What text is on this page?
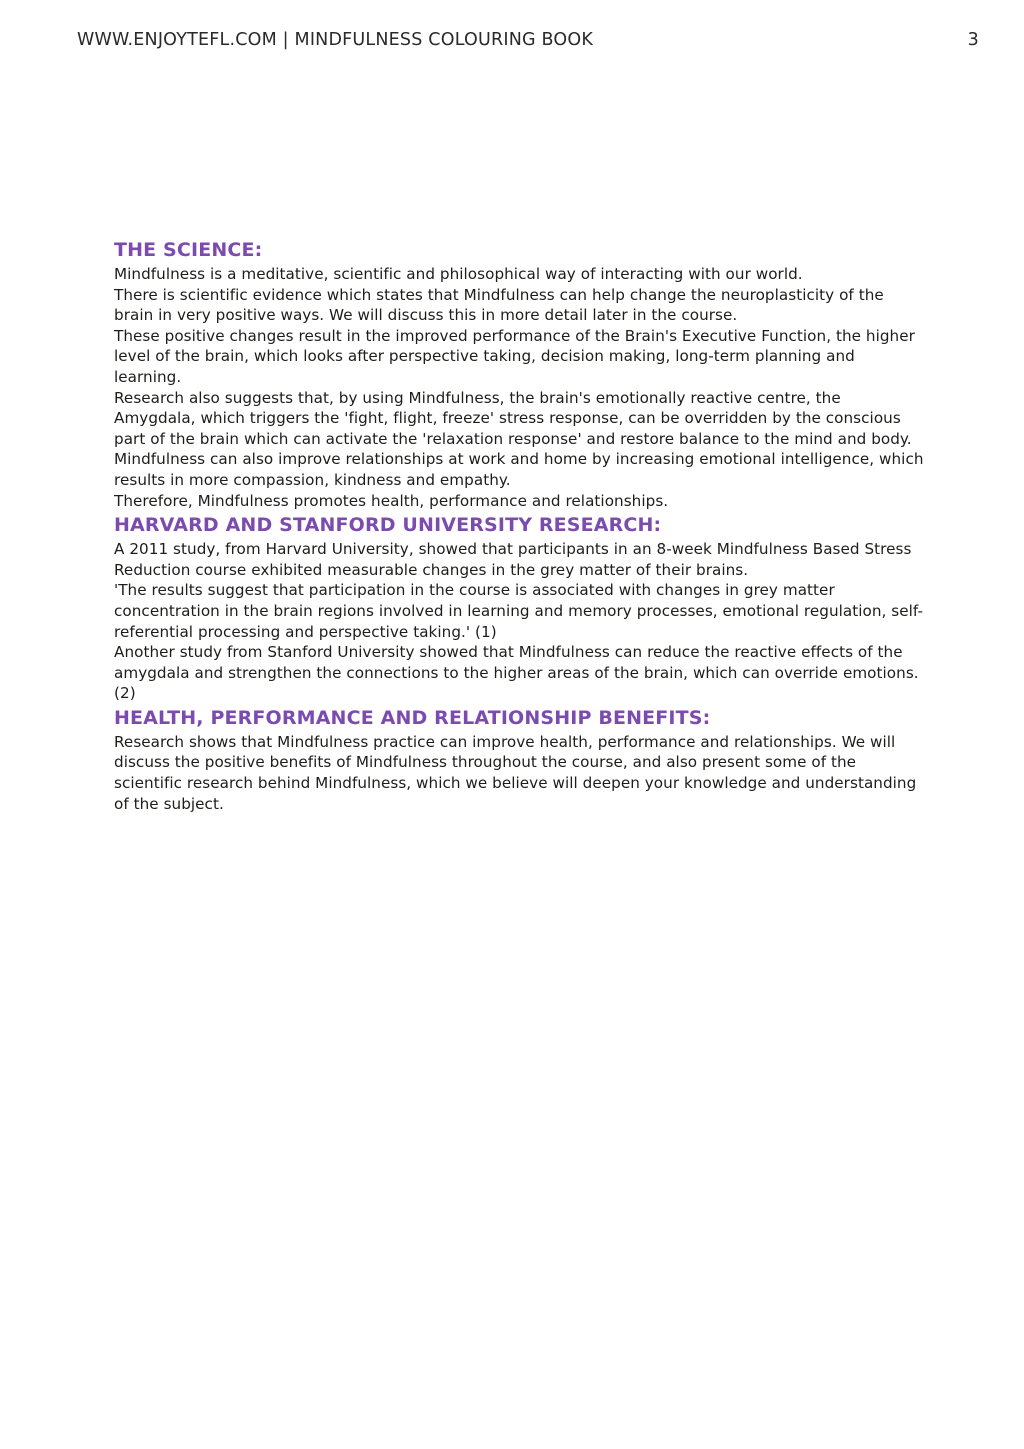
WWW.ENJOYTEFL.COM | MINDFULNESS COLOURING BOOK	3
THE SCIENCE:

Mindfulness is a meditative, scientific and philosophical way of interacting with our world.

There is scientific evidence which states that Mindfulness can help change the neuroplasticity of the brain in very positive ways. We will discuss this in more detail later in the course.

These positive changes result in the improved performance of the Brain's Executive Function, the higher level of the brain, which looks after perspective taking, decision making, long-term planning and learning.

Research also suggests that, by using Mindfulness, the brain's emotionally reactive centre, the Amygdala, which triggers the 'fight, flight, freeze' stress response, can be overridden by the conscious part of the brain which can activate the 'relaxation response' and restore balance to the mind and body. Mindfulness can also improve relationships at work and home by increasing emotional intelligence, which results in more compassion, kindness and empathy.

Therefore, Mindfulness promotes health, performance and relationships.

HARVARD AND STANFORD UNIVERSITY RESEARCH:

A 2011 study, from Harvard University, showed that participants in an 8-week Mindfulness Based Stress Reduction course exhibited measurable changes in the grey matter of their brains.

'The results suggest that participation in the course is associated with changes in grey matter concentration in the brain regions involved in learning and memory processes, emotional regulation, self-referential processing and perspective taking.' (1)

Another study from Stanford University showed that Mindfulness can reduce the reactive effects of the amygdala and strengthen the connections to the higher areas of the brain, which can override emotions. (2)

HEALTH, PERFORMANCE AND RELATIONSHIP BENEFITS:

Research shows that Mindfulness practice can improve health, performance and relationships. We will discuss the positive benefits of Mindfulness throughout the course, and also present some of the scientific research behind Mindfulness, which we believe will deepen your knowledge and understanding of the subject.
